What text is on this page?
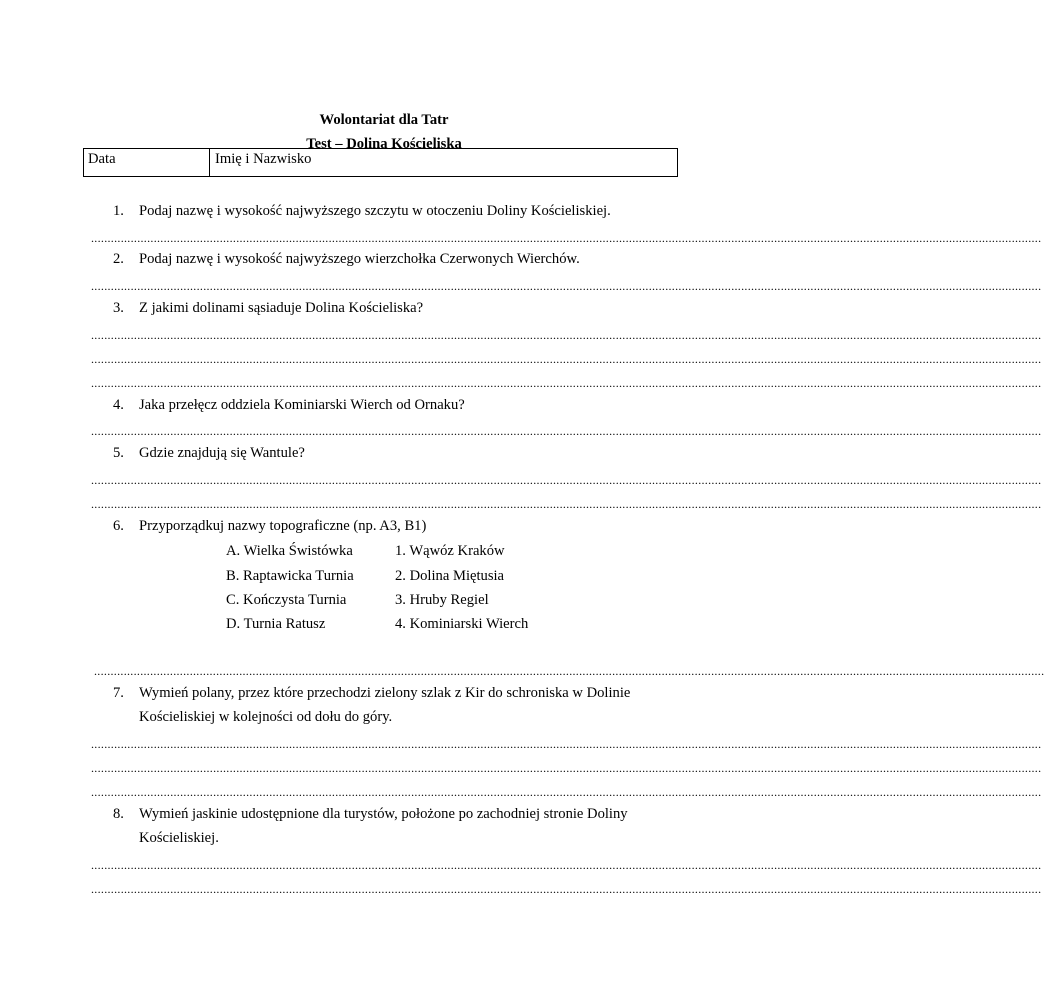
Wolontariat dla Tatr
Test – Dolina Kościeliska
Data	Imię i Nazwisko
1. Podaj nazwę i wysokość najwyższego szczytu w otoczeniu Doliny Kościeliskiej.
................................................................................................................................................................................................................................................................................................
2. Podaj nazwę i wysokość najwyższego wierzchołka Czerwonych Wierchów.
................................................................................................................................................................................................................................................................................................
3. Z jakimi dolinami sąsiaduje Dolina Kościeliska?
................................................................................................................................................................................................................................................................................................
................................................................................................................................................................................................................................................................................................
................................................................................................................................................................................................................................................................................................
4. Jaka przełęcz oddziela Kominiarski Wierch od Ornaku?
................................................................................................................................................................................................................................................................................................
5. Gdzie znajdują się Wantule?
................................................................................................................................................................................................................................................................................................
................................................................................................................................................................................................................................................................................................
6. Przyporządkuj nazwy topograficzne (np. A3, B1)
A. Wielka Świstówka	1. Wąwóz Kraków
B. Raptawicka Turnia	2. Dolina Miętusia
C. Kończysta Turnia	3. Hruby Regiel
D. Turnia Ratusz	4. Kominiarski Wierch
................................................................................................................................................................................................................................................................................................
7. Wymień polany, przez które przechodzi zielony szlak z Kir do schroniska w Dolinie
Kościeliskiej w kolejności od dołu do góry.
................................................................................................................................................................................................................................................................................................
................................................................................................................................................................................................................................................................................................
................................................................................................................................................................................................................................................................................................
8. Wymień jaskinie udostępnione dla turystów, położone po zachodniej stronie Doliny
Kościeliskiej.
................................................................................................................................................................................................................................................................................................
................................................................................................................................................................................................................................................................................................
